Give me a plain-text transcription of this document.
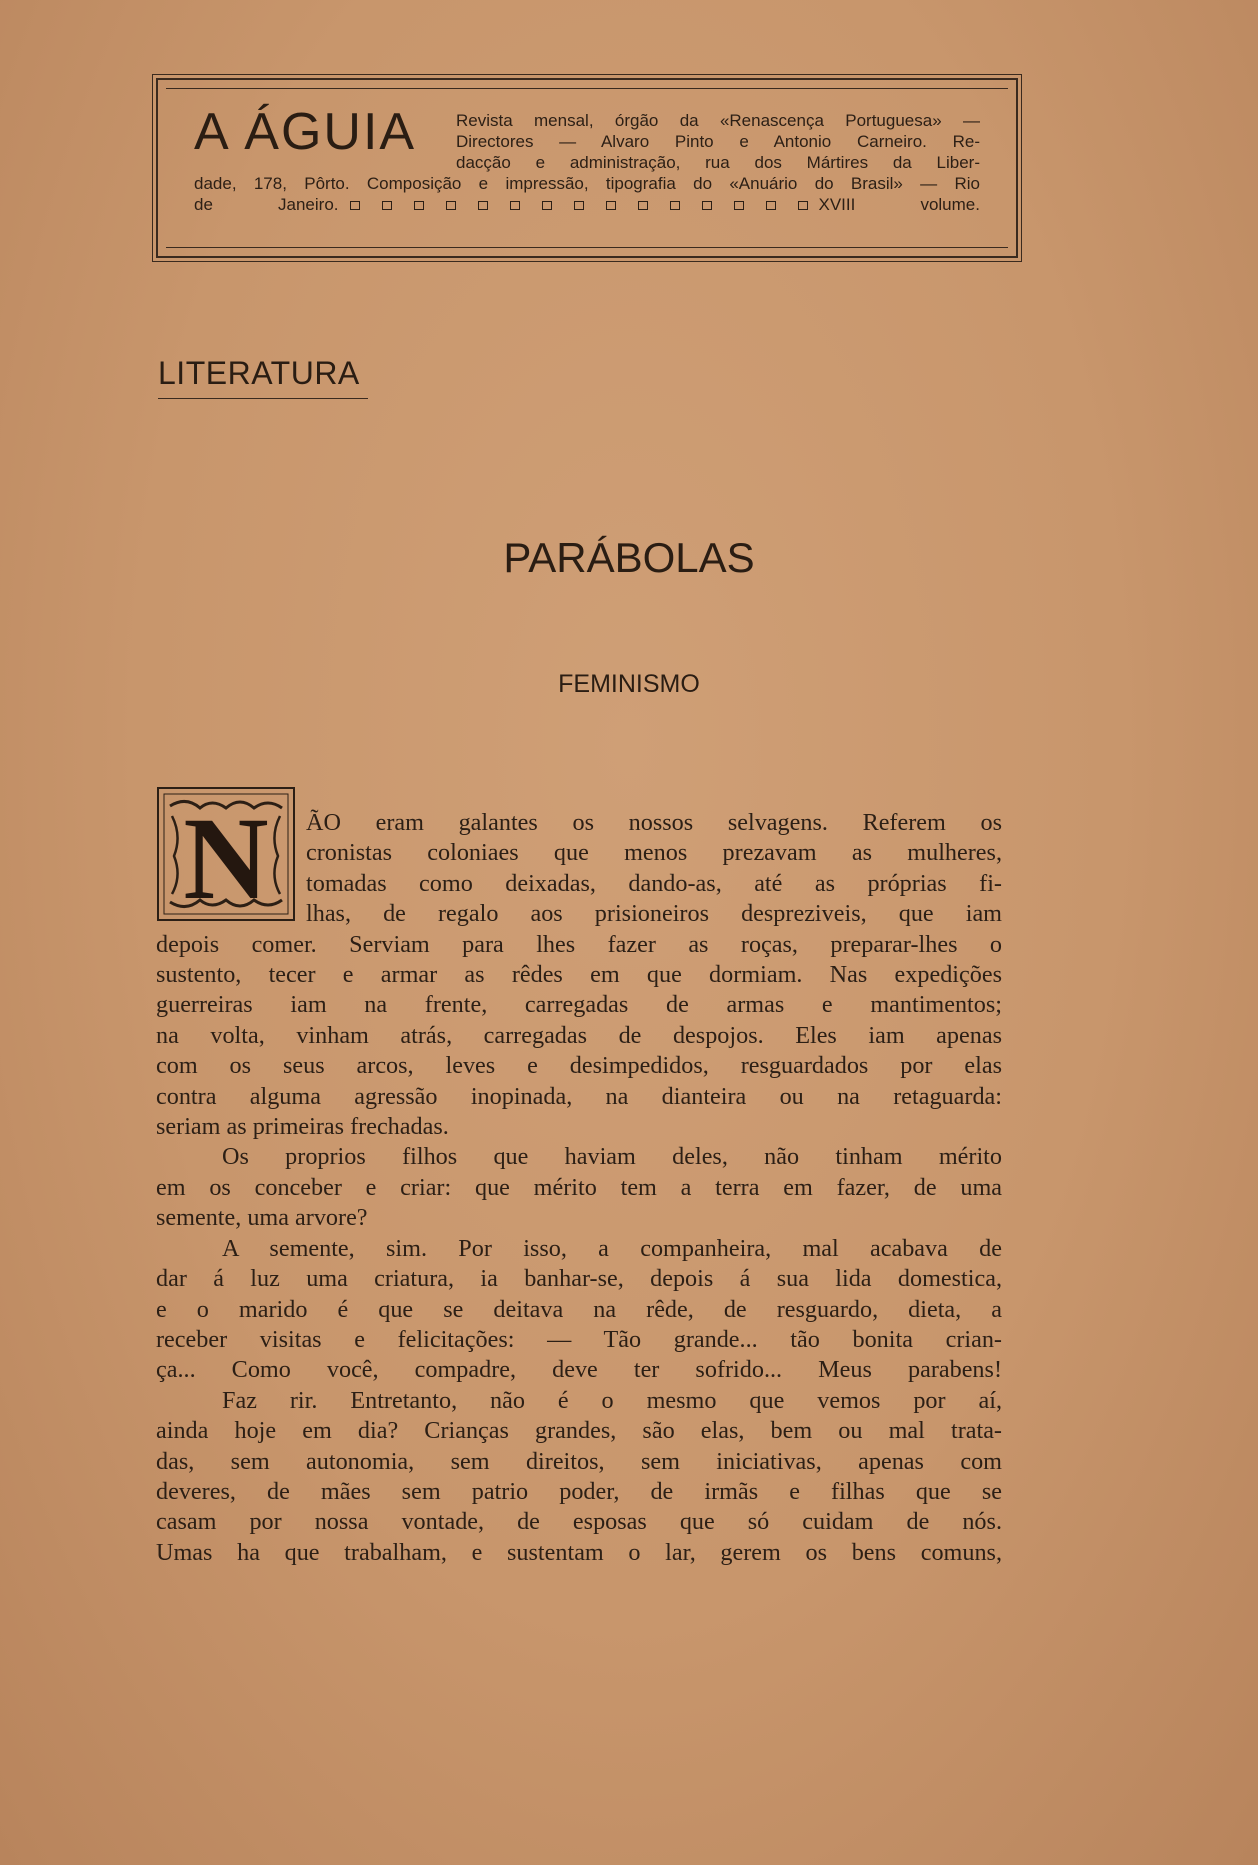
A ÁGUIA Revista mensal, órgão da «Renascença Portuguesa» —
Directores — Alvaro Pinto e Antonio Carneiro. Re-
dacção e administração, rua dos Mártires da Liber-
dade, 178, Pôrto. Composição e impressão, tipografia do «Anuário do Brasil» — Rio
de Janeiro.	XVIII volume.
LITERATURA
PARÁBOLAS
FEMINISMO
N ÃO eram galantes os nossos selvagens. Referem os
cronistas coloniaes que menos prezavam as mulheres,
tomadas como deixadas, dando-as, até as próprias fi-
lhas, de regalo aos prisioneiros despreziveis, que iam
depois comer. Serviam para lhes fazer as roças, preparar-lhes o
sustento, tecer e armar as rêdes em que dormiam. Nas expedições
guerreiras iam na frente, carregadas de armas e mantimentos;
na volta, vinham atrás, carregadas de despojos. Eles iam apenas
com os seus arcos, leves e desimpedidos, resguardados por elas
contra alguma agressão inopinada, na dianteira ou na retaguarda:
seriam as primeiras frechadas.
Os proprios filhos que haviam deles, não tinham mérito
em os conceber e criar: que mérito tem a terra em fazer, de uma
semente, uma arvore?
A semente, sim. Por isso, a companheira, mal acabava de
dar á luz uma criatura, ia banhar-se, depois á sua lida domestica,
e o marido é que se deitava na rêde, de resguardo, dieta, a
receber visitas e felicitações: — Tão grande... tão bonita crian-
ça... Como você, compadre, deve ter sofrido... Meus parabens!
Faz rir. Entretanto, não é o mesmo que vemos por aí,
ainda hoje em dia? Crianças grandes, são elas, bem ou mal trata-
das, sem autonomia, sem direitos, sem iniciativas, apenas com
deveres, de mães sem patrio poder, de irmãs e filhas que se
casam por nossa vontade, de esposas que só cuidam de nós.
Umas ha que trabalham, e sustentam o lar, gerem os bens comuns,
